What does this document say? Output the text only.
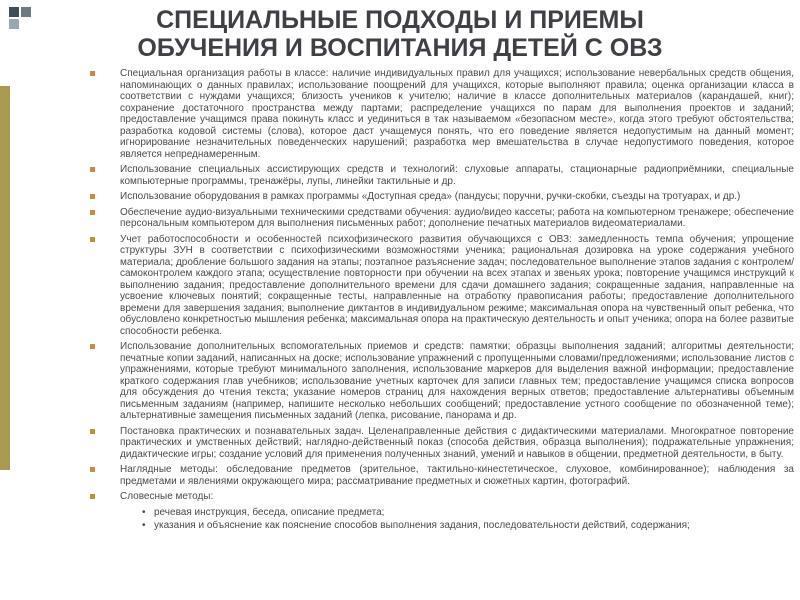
СПЕЦИАЛЬНЫЕ ПОДХОДЫ И ПРИЕМЫ
ОБУЧЕНИЯ И ВОСПИТАНИЯ ДЕТЕЙ С ОВЗ
Специальная организация работы в классе: наличие индивидуальных правил для учащихся; использование невербальных средств общения, напоминающих о данных правилах; использование поощрений для учащихся, которые выполняют правила; оценка организации класса в соответствии с нуждами учащихся; близость учеников к учителю; наличие в классе дополнительных материалов (карандашей, книг); сохранение достаточного пространства между партами; распределение учащихся по парам для выполнения проектов и заданий; предоставление учащимся права покинуть класс и уединиться в так называемом «безопасном месте», когда этого требуют обстоятельства; разработка кодовой системы (слова), которое даст учащемуся понять, что его поведение является недопустимым на данный момент; игнорирование незначительных поведенческих нарушений; разработка мер вмешательства в случае недопустимого поведения, которое является непреднамеренным.
Использование специальных ассистирующих средств и технологий: слуховые аппараты, стационарные радиоприёмники, специальные компьютерные программы, тренажёры, лупы, линейки тактильные и др.
Использование оборудования в рамках программы «Доступная среда» (пандусы; поручни, ручки-скобки, съезды на тротуарах, и др.)
Обеспечение аудио-визуальными техническими средствами обучения: аудио/видео кассеты; работа на компьютерном тренажере; обеспечение персональным компьютером для выполнения письменных работ; дополнение печатных материалов видеоматериалами.
Учет работоспособности и особенностей психофизического развития обучающихся с ОВЗ: замедленность темпа обучения; упрощение структуры ЗУН в соответствии с психофизическими возможностями ученика; рациональная дозировка на уроке содержания учебного материала; дробление большого задания на этапы; поэтапное разъяснение задач; последовательное выполнение этапов задания с контролем/самоконтролем каждого этапа; осуществление повторности при обучении на всех этапах и звеньях урока; повторение учащимся инструкций к выполнению задания; предоставление дополнительного времени для сдачи домашнего задания; сокращенные задания, направленные на усвоение ключевых понятий; сокращенные тесты, направленные на отработку правописания работы; предоставление дополнительного времени для завершения задания; выполнение диктантов в индивидуальном режиме; максимальная опора на чувственный опыт ребенка, что обусловлено конкретностью мышления ребенка; максимальная опора на практическую деятельность и опыт ученика; опора на более развитые способности ребенка.
Использование дополнительных вспомогательных приемов и средств: памятки; образцы выполнения заданий; алгоритмы деятельности; печатные копии заданий, написанных на доске; использование упражнений с пропущенными словами/предложениями; использование листов с упражнениями, которые требуют минимального заполнения, использование маркеров для выделения важной информации; предоставление краткого содержания глав учебников; использование учетных карточек для записи главных тем; предоставление учащимся списка вопросов для обсуждения до чтения текста; указание номеров страниц для нахождения верных ответов; предоставление альтернативы объемным письменным заданиям (например, напишите несколько небольших сообщений; предоставление устного сообщение по обозначенной теме); альтернативные замещения письменных заданий (лепка, рисование, панорама и др.
Постановка практических и познавательных задач. Целенаправленные действия с дидактическими материалами. Многократное повторение практических и умственных действий; наглядно-действенный показ (способа действия, образца выполнения); подражательные упражнения; дидактические игры; создание условий для применения полученных знаний, умений и навыков в общении, предметной деятельности, в быту.
Наглядные методы: обследование предметов (зрительное, тактильно-кинестетическое, слуховое, комбинированное); наблюдения за предметами и явлениями окружающего мира; рассматривание предметных и сюжетных картин, фотографий.
Словесные методы:
• речевая инструкция, беседа, описание предмета;
• указания и объяснение как пояснение способов выполнения задания, последовательности действий, содержания;
